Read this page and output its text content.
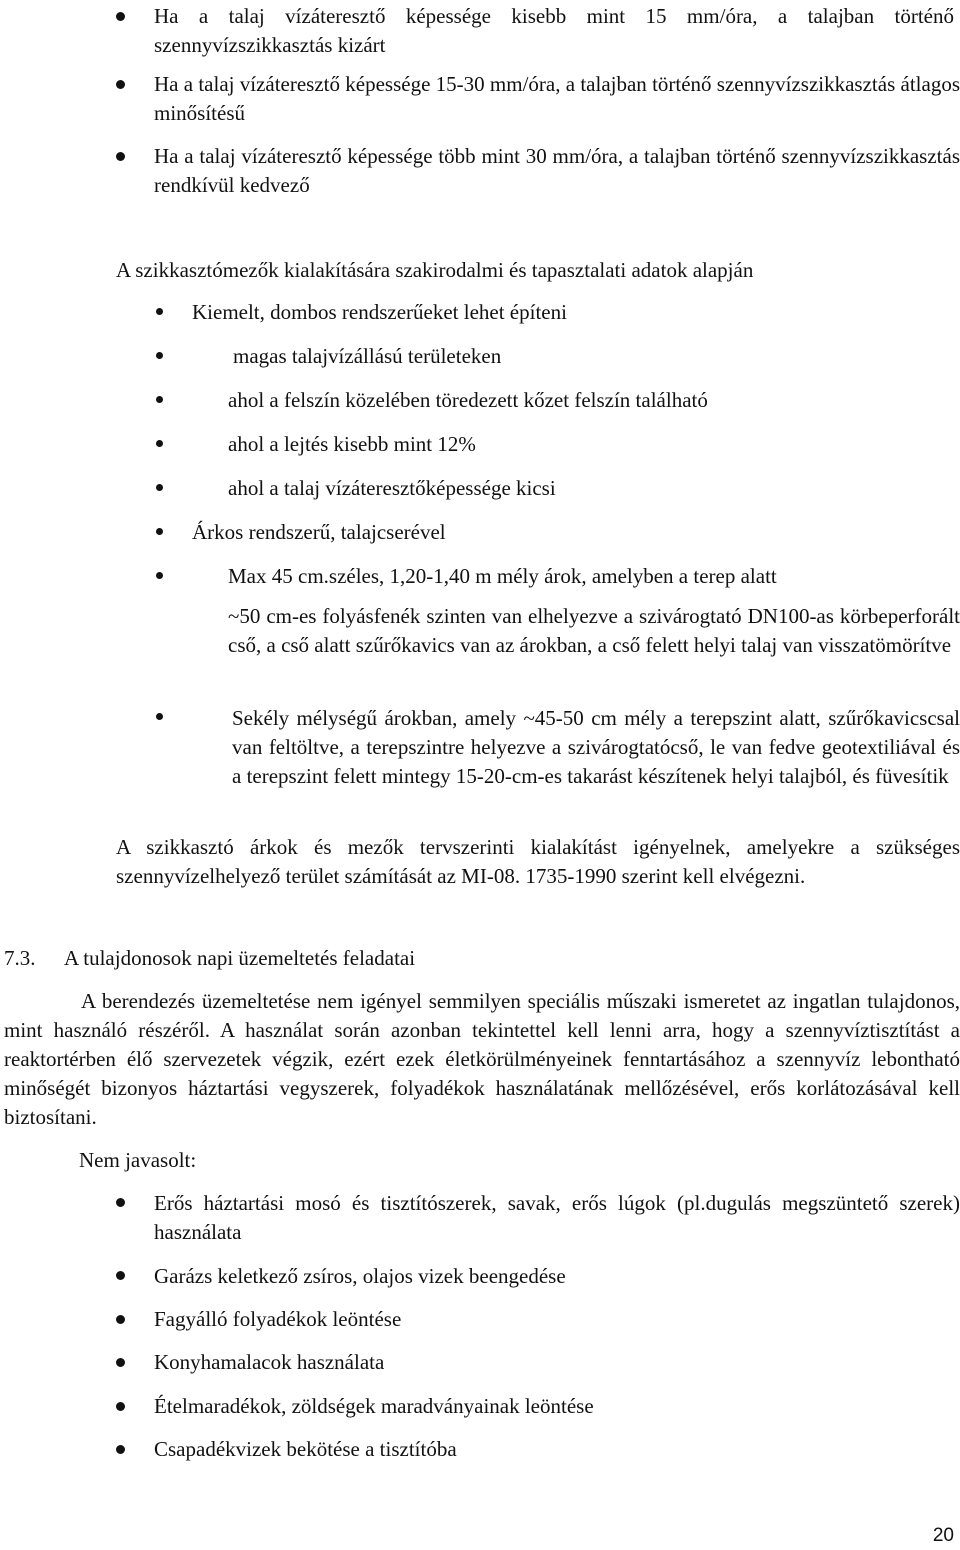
Ha a talaj vízáteresztő képessége kisebb mint 15 mm/óra, a talajban történő szennyvízszikkasztás kizárt
Ha a talaj vízáteresztő képessége 15-30 mm/óra, a talajban történő szennyvízszikkasztás átlagos minősítésű
Ha a talaj vízáteresztő képessége több mint 30 mm/óra, a talajban történő szennyvízszikkasztás rendkívül kedvező
A szikkasztómezők kialakítására szakirodalmi és tapasztalati adatok alapján
Kiemelt, dombos rendszerűeket lehet építeni
magas talajvízállású területeken
ahol a felszín közelében töredezett kőzet felszín található
ahol a lejtés kisebb mint 12%
ahol a talaj vízáteresztőképessége kicsi
Árkos rendszerű, talajcserével
Max 45 cm.széles, 1,20-1,40 m mély árok, amelyben a terep alatt
~50 cm-es folyásfenék szinten van elhelyezve a szivárogtató DN100-as körbeperforált cső, a cső alatt szűrőkavics van az árokban, a cső felett helyi talaj van visszatömörítve
Sekély mélységű árokban, amely ~45-50 cm mély a terepszint alatt, szűrőkavicscsal van feltöltve, a terepszintre helyezve a szivárogtatócső, le van fedve geotextiliával és a terepszint felett mintegy 15-20-cm-es takarást készítenek helyi talajból, és füvesítik
A szikkasztó árkok és mezők tervszerinti kialakítást igényelnek, amelyekre a szükséges szennyvízelhelyező terület számítását az MI-08. 1735-1990 szerint kell elvégezni.
7.3. A tulajdonosok napi üzemeltetés feladatai
A berendezés üzemeltetése nem igényel semmilyen speciális műszaki ismeretet az ingatlan tulajdonos, mint használó részéről. A használat során azonban tekintettel kell lenni arra, hogy a szennyvíztisztítást a reaktortérben élő szervezetek végzik, ezért ezek életkörülményeinek fenntartásához a szennyvíz lebontható minőségét bizonyos háztartási vegyszerek, folyadékok használatának mellőzésével, erős korlátozásával kell biztosítani.
Nem javasolt:
Erős háztartási mosó és tisztítószerek, savak, erős lúgok (pl.dugulás megszüntető szerek) használata
Garázs keletkező zsíros, olajos vizek beengedése
Fagyálló folyadékok leöntése
Konyhamalacok használata
Ételmaradékok, zöldségek maradványainak leöntése
Csapadékvizek bekötése a tisztítóba
20
